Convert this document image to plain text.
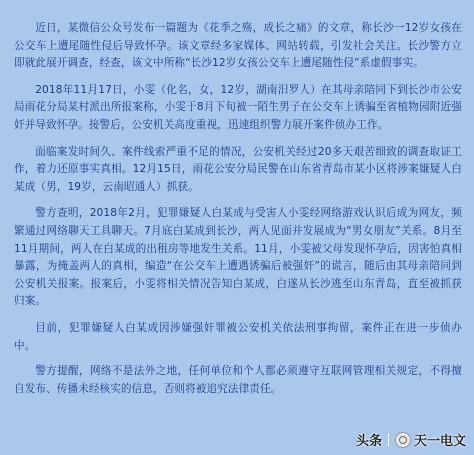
近日，某微信公众号发布一篇题为《花季之殇，成长之痛》的文章，称长沙一12岁女孩在公交车上遭尾随性侵后导致怀孕。该文章经多家媒体、网站转载，引发社会关注。长沙警方立即就此展开调查，经查，该文中所称“长沙12岁女孩公交车上遭尾随性侵”系虚假事实。

2018年11月17日，小雯（化名，女，12岁，湖南汨罗人）在其母亲陪同下到长沙市公安局雨花分局某村派出所报案称，小雯于8月下旬被一陌生男子在公交车上诱骗至省植物园附近强奸并导致怀孕。接警后，公安机关高度重视，迅速组织警力展开案件侦办工作。

面临案发时间久、案件线索严重不足的情况，公安机关经过20多天艰苦细致的调查取证工作，着力还原事实真相。12月15日，雨花公安分局民警在山东省青岛市某小区将涉案嫌疑人白某成（男，19岁，云南昭通人）抓获。

警方查明，2018年2月，犯罪嫌疑人白某成与受害人小雯经网络游戏认识后成为网友，频繁通过网络聊天工具聊天。7月底白某成到长沙，两人见面并发展成为“男女朋友”关系。8月至11月期间，两人在白某成的出租房等地发生关系。11月，小雯被父母发现怀孕后，因害怕真相暴露，为掩盖两人的真相，编造“在公交车上遭遇诱骗后被强奸”的谎言，随后由其母亲陪同到公安机关报案。报案后，小雯将相关情况告知白某成，白遂从长沙逃至山东青岛，直至被抓获归案。

目前，犯罪嫌疑人白某成因涉嫌强奸罪被公安机关依法刑事拘留，案件正在进一步侦办中。

警方提醒，网络不是法外之地，任何单位和个人都必须遵守互联网管理相关规定，不得擅自发布、传播未经核实的信息，否则将被追究法律责任。

头条 天一电文
